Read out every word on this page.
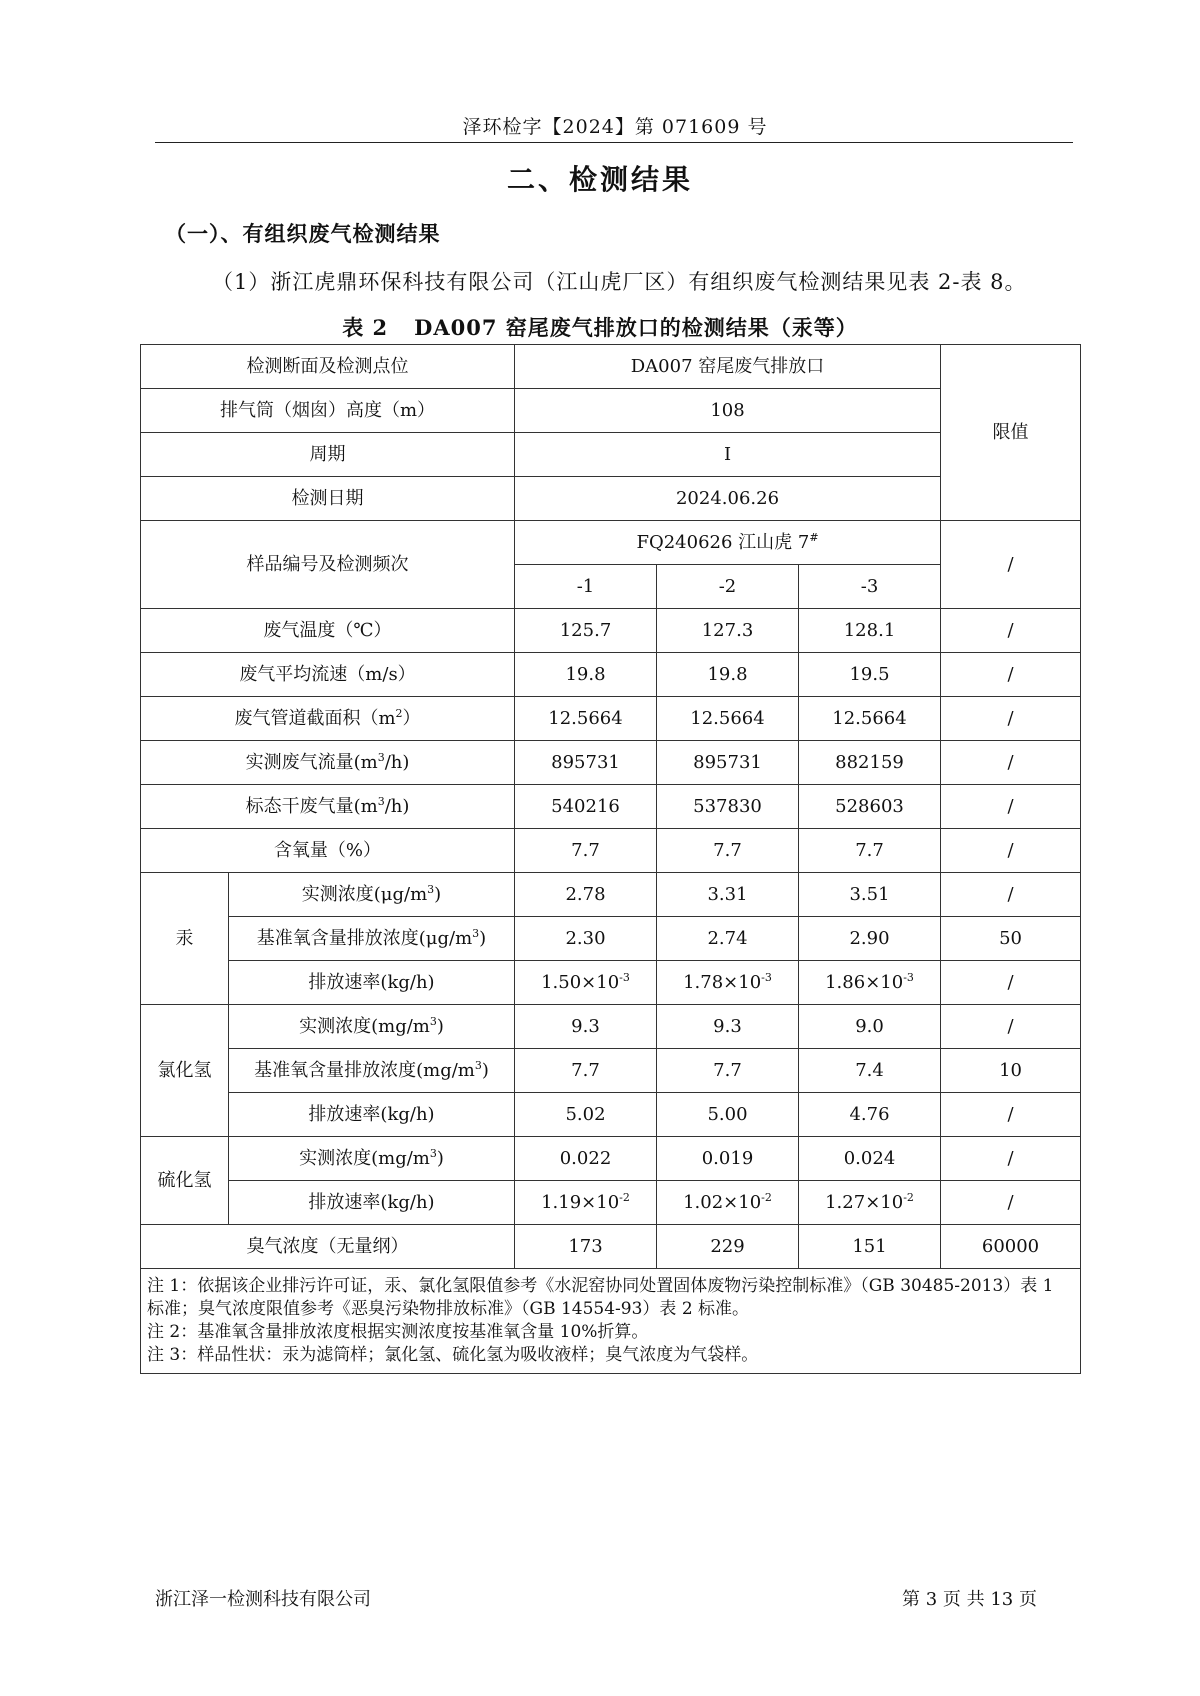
泽环检字【2024】第 071609 号
二、检测结果
（一）、有组织废气检测结果
（1）浙江虎鼎环保科技有限公司（江山虎厂区）有组织废气检测结果见表 2-表 8。
表 2 DA007 窑尾废气排放口的检测结果（汞等）
检测断面及检测点位		DA007 窑尾废气排放口			限值
排气筒（烟囱）高度（m）		108			
周期		I			
检测日期		2024.06.26			
样品编号及检测频次		FQ240626 江山虎 7#			/
		-1	-2	-3	
废气温度（℃）		125.7	127.3	128.1	/
废气平均流速（m/s）		19.8	19.8	19.5	/
废气管道截面积$(m^2)$		12.5664	12.5664	12.5664	/
实测废气流量$(m^3/h)$		895731	895731	882159	/
标态干废气量$(m^3/h)$		540216	537830	528603	/
含氧量（%）		7.7	7.7	7.7	/
汞	实测浓度$(\mu g/m^3)$	2.78	3.31	3.51	/
	基准氧含量排放浓度$(\mu g/m^3)$	2.30	2.74	2.90	50
	排放速率(kg/h)	$1.50\times 10^{-3}$	$1.78\times 10^{-3}$	$1.86\times 10^{-3}$	/
氯化氢	实测浓度$(mg/m^3)$	9.3	9.3	9.0	/
	基准氧含量排放浓度$(mg/m^3)$	7.7	7.7	7.4	10
	排放速率(kg/h)	5.02	5.00	4.76	/
硫化氢	实测浓度$(mg/m^3)$	0.022	0.019	0.024	/
	排放速率(kg/h)	$1.19\times 10^{-2}$	$1.02\times 10^{-2}$	$1.27\times 10^{-2}$	/
臭气浓度（无量纲）		173	229	151	60000

注 1：依据该企业排污许可证，汞、氯化氢限值参考《水泥窑协同处置固体废物污染控制标准》（GB 30485-2013）表 1 标准；臭气浓度限值参考《恶臭污染物排放标准》（GB 14554-93）表 2 标准。
注 2：基准氧含量排放浓度根据实测浓度按基准氧含量 10%折算。
注 3：样品性状：汞为滤筒样；氯化氢、硫化氢为吸收液样；臭气浓度为气袋样。					
浙江泽一检测科技有限公司	第 3 页 共 13 页
